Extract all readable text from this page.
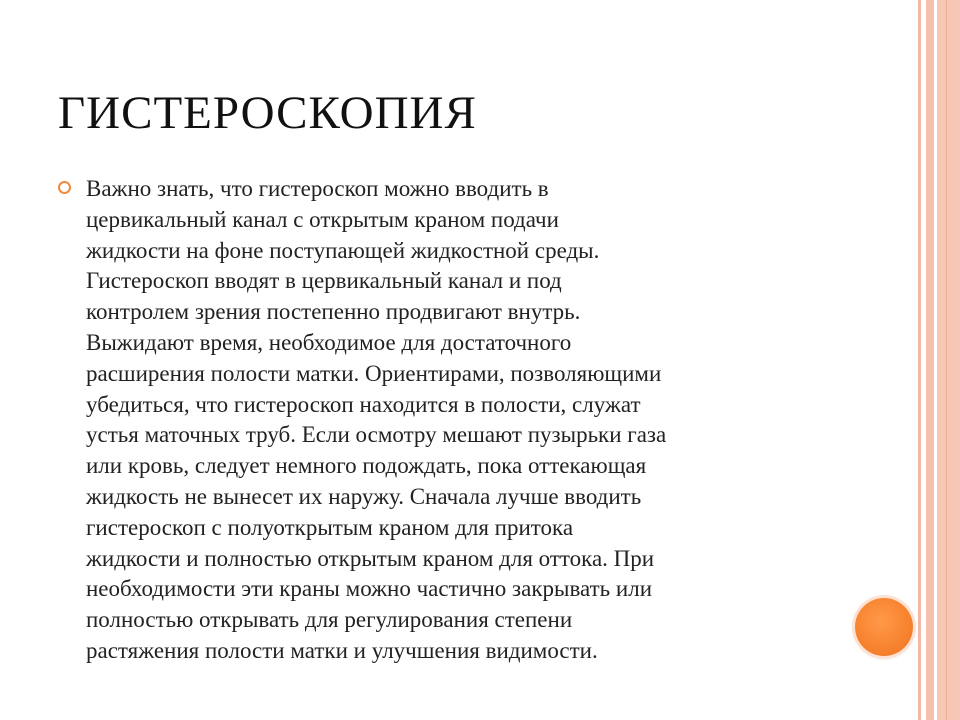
ГИСТЕРОСКОПИЯ
Важно знать, что гистероскоп можно вводить в
цервикальный канал с открытым краном подачи
жидкости на фоне поступающей жидкостной среды.
Гистероскоп вводят в цервикальный канал и под
контролем зрения постепенно продвигают внутрь.
Выжидают время, необходимое для достаточного
расширения полости матки. Ориентирами, позволяющими
убедиться, что гистероскоп находится в полости, служат
устья маточных труб. Если осмотру мешают пузырьки газа
или кровь, следует немного подождать, пока оттекающая
жидкость не вынесет их наружу. Сначала лучше вводить
гистероскоп с полуоткрытым краном для притока
жидкости и полностью открытым краном для оттока. При
необходимости эти краны можно частично закрывать или
полностью открывать для регулирования степени
растяжения полости матки и улучшения видимости.
